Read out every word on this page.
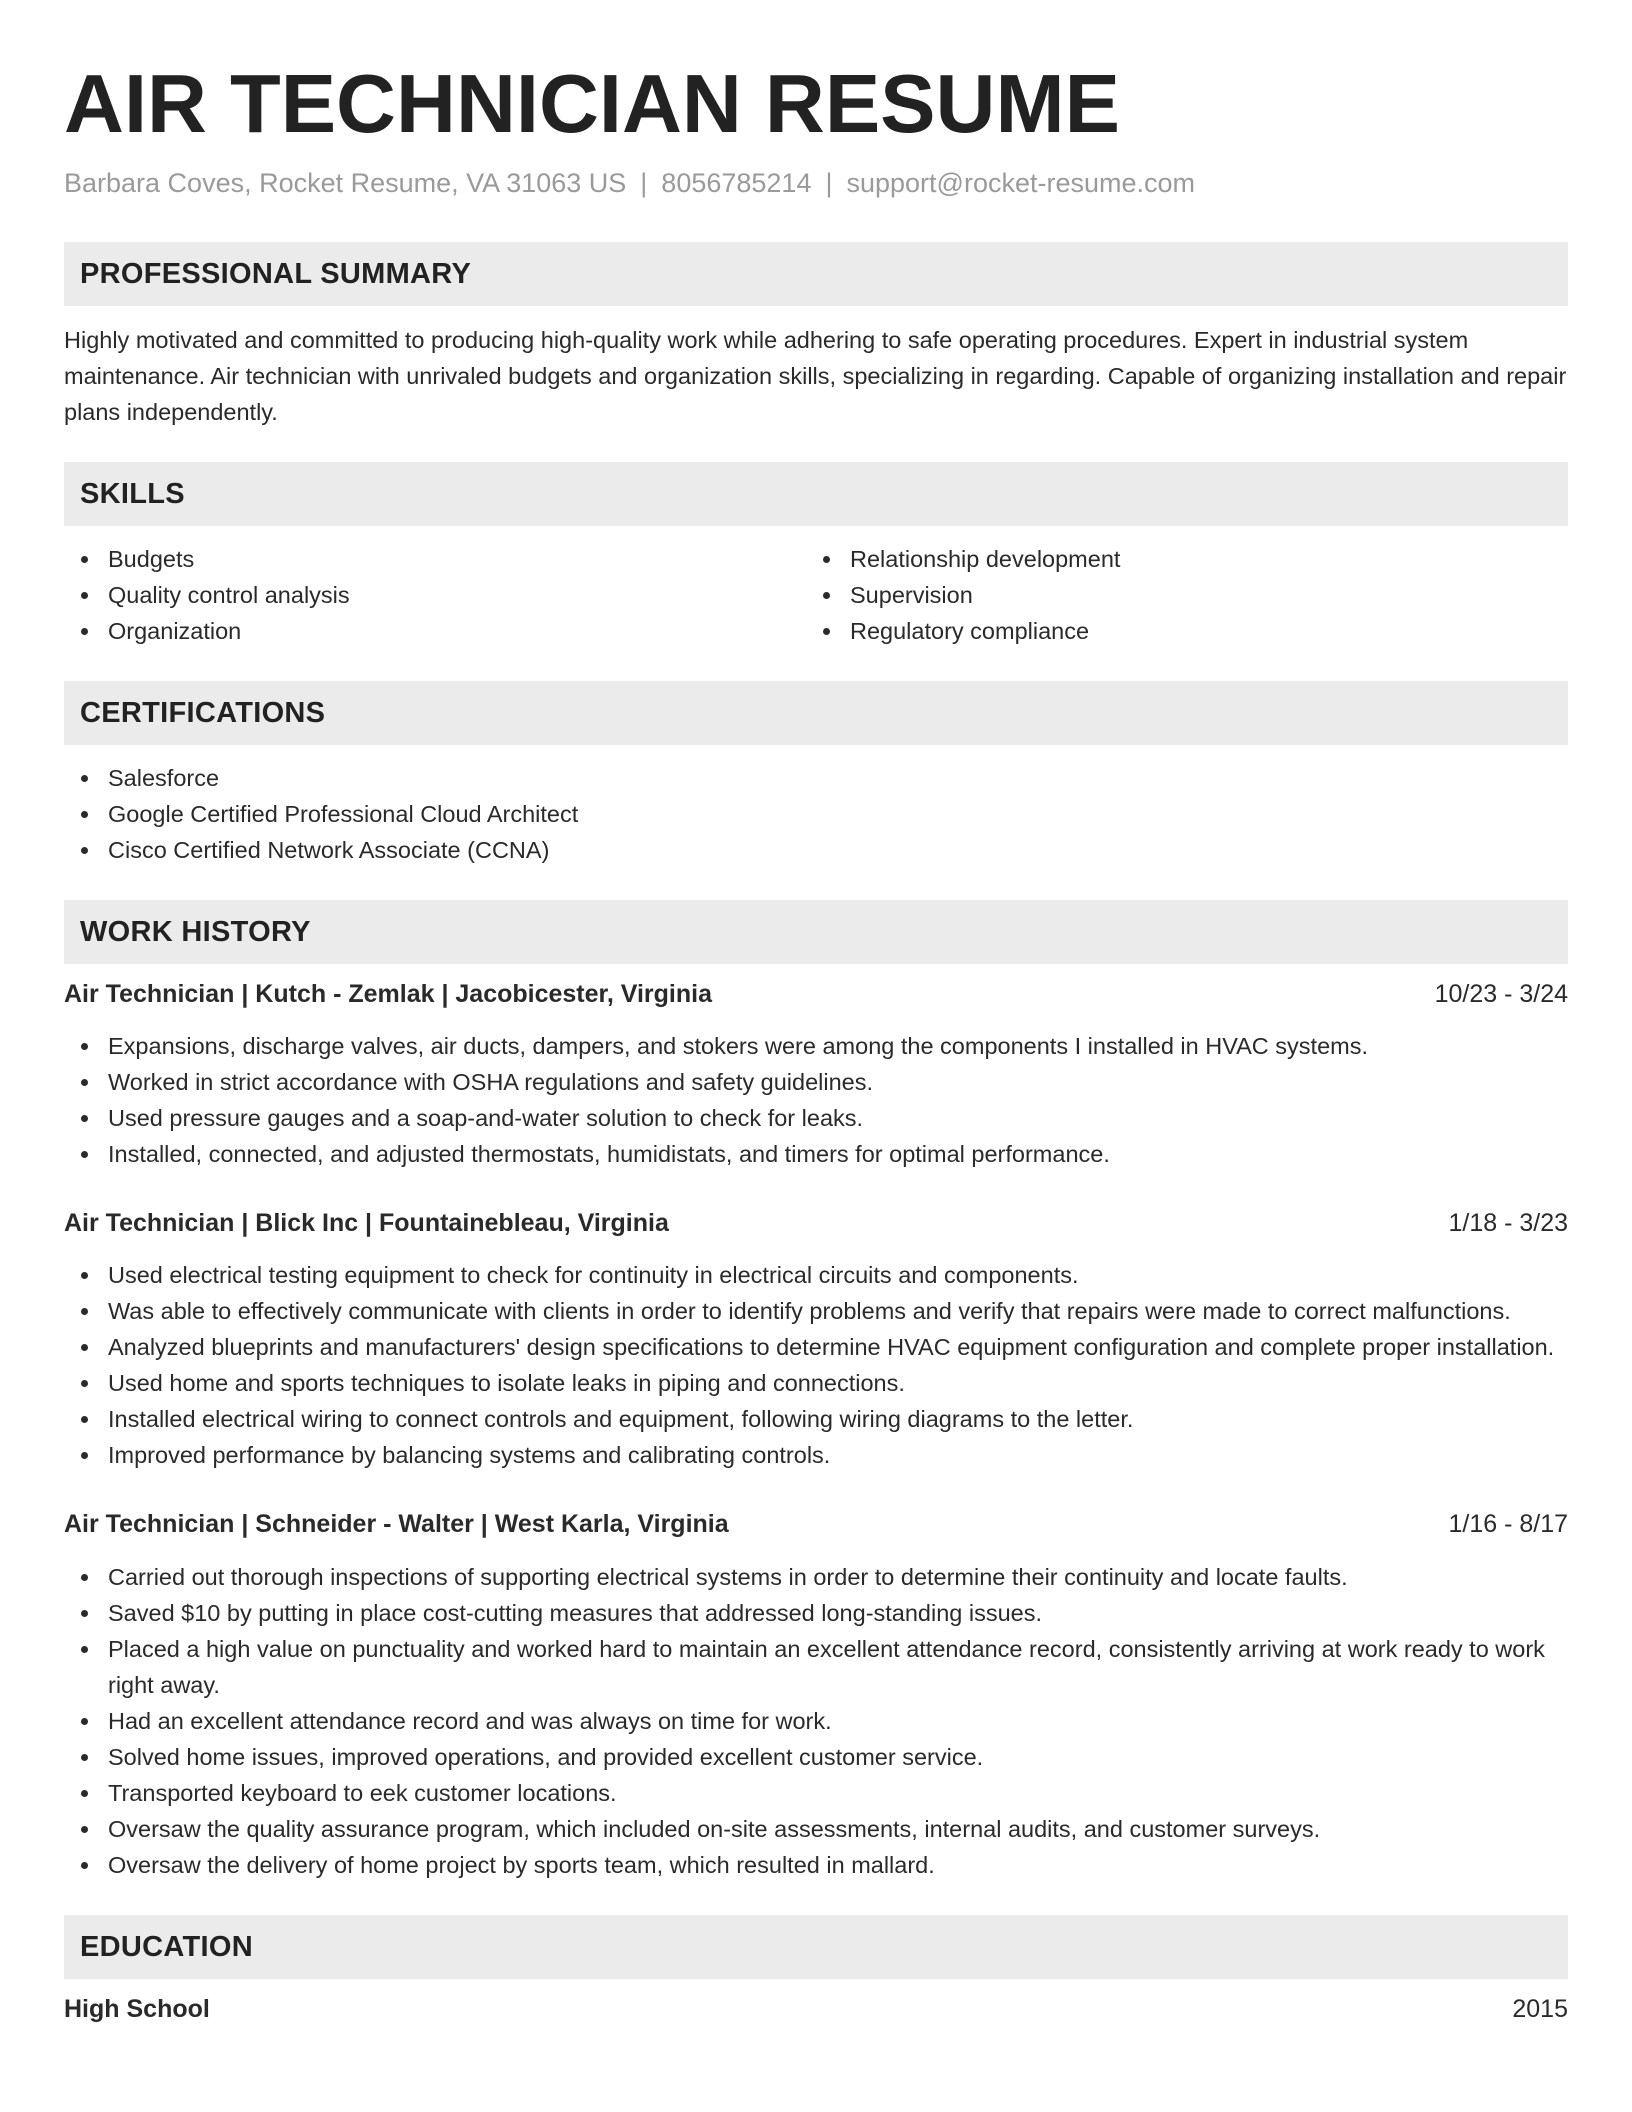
AIR TECHNICIAN RESUME
Barbara Coves, Rocket Resume, VA 31063 US | 8056785214 | support@rocket-resume.com
PROFESSIONAL SUMMARY
Highly motivated and committed to producing high-quality work while adhering to safe operating procedures. Expert in industrial system maintenance. Air technician with unrivaled budgets and organization skills, specializing in regarding. Capable of organizing installation and repair plans independently.
SKILLS
Budgets
Quality control analysis
Organization
Relationship development
Supervision
Regulatory compliance
CERTIFICATIONS
Salesforce
Google Certified Professional Cloud Architect
Cisco Certified Network Associate (CCNA)
WORK HISTORY
Air Technician | Kutch - Zemlak | Jacobicester, Virginia	10/23 - 3/24
Expansions, discharge valves, air ducts, dampers, and stokers were among the components I installed in HVAC systems.
Worked in strict accordance with OSHA regulations and safety guidelines.
Used pressure gauges and a soap-and-water solution to check for leaks.
Installed, connected, and adjusted thermostats, humidistats, and timers for optimal performance.
Air Technician | Blick Inc | Fountainebleau, Virginia	1/18 - 3/23
Used electrical testing equipment to check for continuity in electrical circuits and components.
Was able to effectively communicate with clients in order to identify problems and verify that repairs were made to correct malfunctions.
Analyzed blueprints and manufacturers' design specifications to determine HVAC equipment configuration and complete proper installation.
Used home and sports techniques to isolate leaks in piping and connections.
Installed electrical wiring to connect controls and equipment, following wiring diagrams to the letter.
Improved performance by balancing systems and calibrating controls.
Air Technician | Schneider - Walter | West Karla, Virginia	1/16 - 8/17
Carried out thorough inspections of supporting electrical systems in order to determine their continuity and locate faults.
Saved $10 by putting in place cost-cutting measures that addressed long-standing issues.
Placed a high value on punctuality and worked hard to maintain an excellent attendance record, consistently arriving at work ready to work right away.
Had an excellent attendance record and was always on time for work.
Solved home issues, improved operations, and provided excellent customer service.
Transported keyboard to eek customer locations.
Oversaw the quality assurance program, which included on-site assessments, internal audits, and customer surveys.
Oversaw the delivery of home project by sports team, which resulted in mallard.
EDUCATION
High School	2015
